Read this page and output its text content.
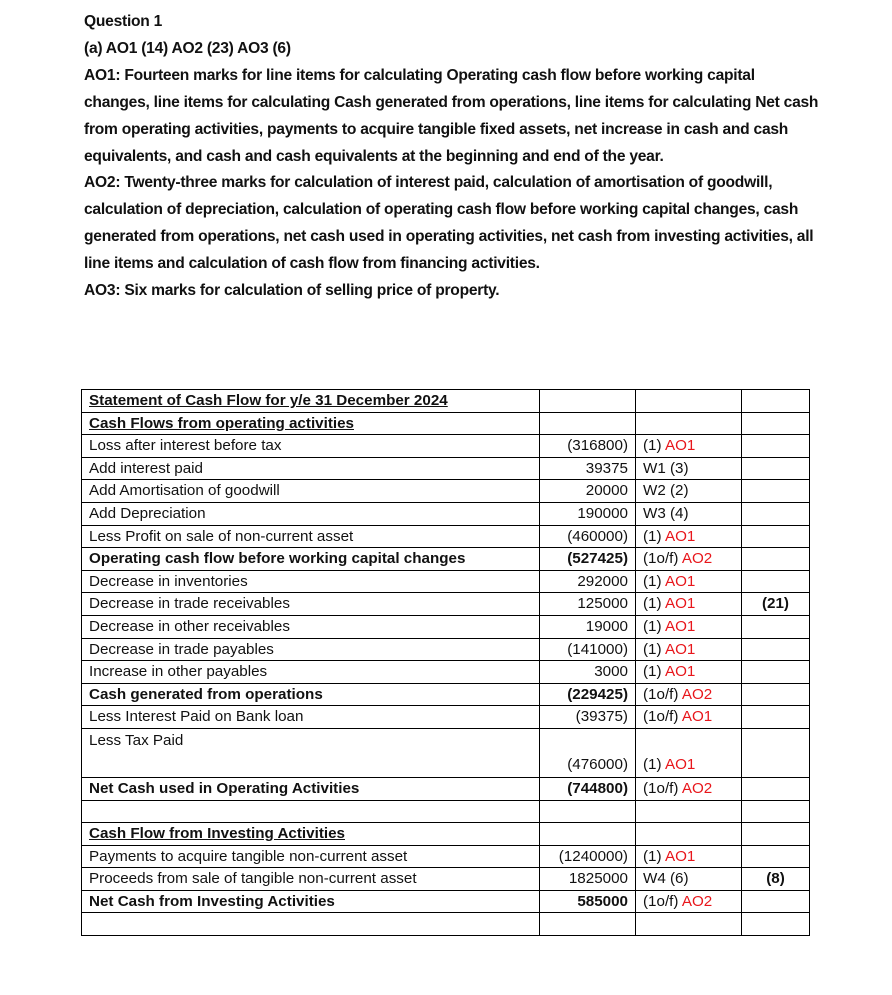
Question 1

(a) AO1 (14) AO2 (23) AO3 (6)

AO1: Fourteen marks for line items for calculating Operating cash flow before working capital changes, line items for calculating Cash generated from operations, line items for calculating Net cash from operating activities, payments to acquire tangible fixed assets, net increase in cash and cash equivalents, and cash and cash equivalents at the beginning and end of the year.

AO2: Twenty-three marks for calculation of interest paid, calculation of amortisation of goodwill, calculation of depreciation, calculation of operating cash flow before working capital changes, cash generated from operations, net cash used in operating activities, net cash from investing activities, all line items and calculation of cash flow from financing activities.

AO3: Six marks for calculation of selling price of property.

Statement of Cash Flow for y/e 31 December 2024			
Cash Flows from operating activities			
Loss after interest before tax	(316800)	(1) AO1	
Add interest paid	39375	W1 (3)	
Add Amortisation of goodwill	20000	W2 (2)	
Add Depreciation	190000	W3 (4)	
Less Profit on sale of non-current asset	(460000)	(1) AO1	
Operating cash flow before working capital changes	(527425)	(1o/f) AO2	
Decrease in inventories	292000	(1) AO1	
Decrease in trade receivables	125000	(1) AO1	(21)
Decrease in other receivables	19000	(1) AO1	
Decrease in trade payables	(141000)	(1) AO1	
Increase in other payables	3000	(1) AO1	
Cash generated from operations	(229425)	(1o/f) AO2	
Less Interest Paid on Bank loan	(39375)	(1o/f) AO1	
Less Tax Paid	(476000)	(1) AO1	
Net Cash used in Operating Activities	(744800)	(1o/f) AO2	

Cash Flow from Investing Activities			
Payments to acquire tangible non-current asset	(1240000)	(1) AO1	
Proceeds from sale of tangible non-current asset	1825000	W4 (6)	(8)
Net Cash from Investing Activities	585000	(1o/f) AO2	
